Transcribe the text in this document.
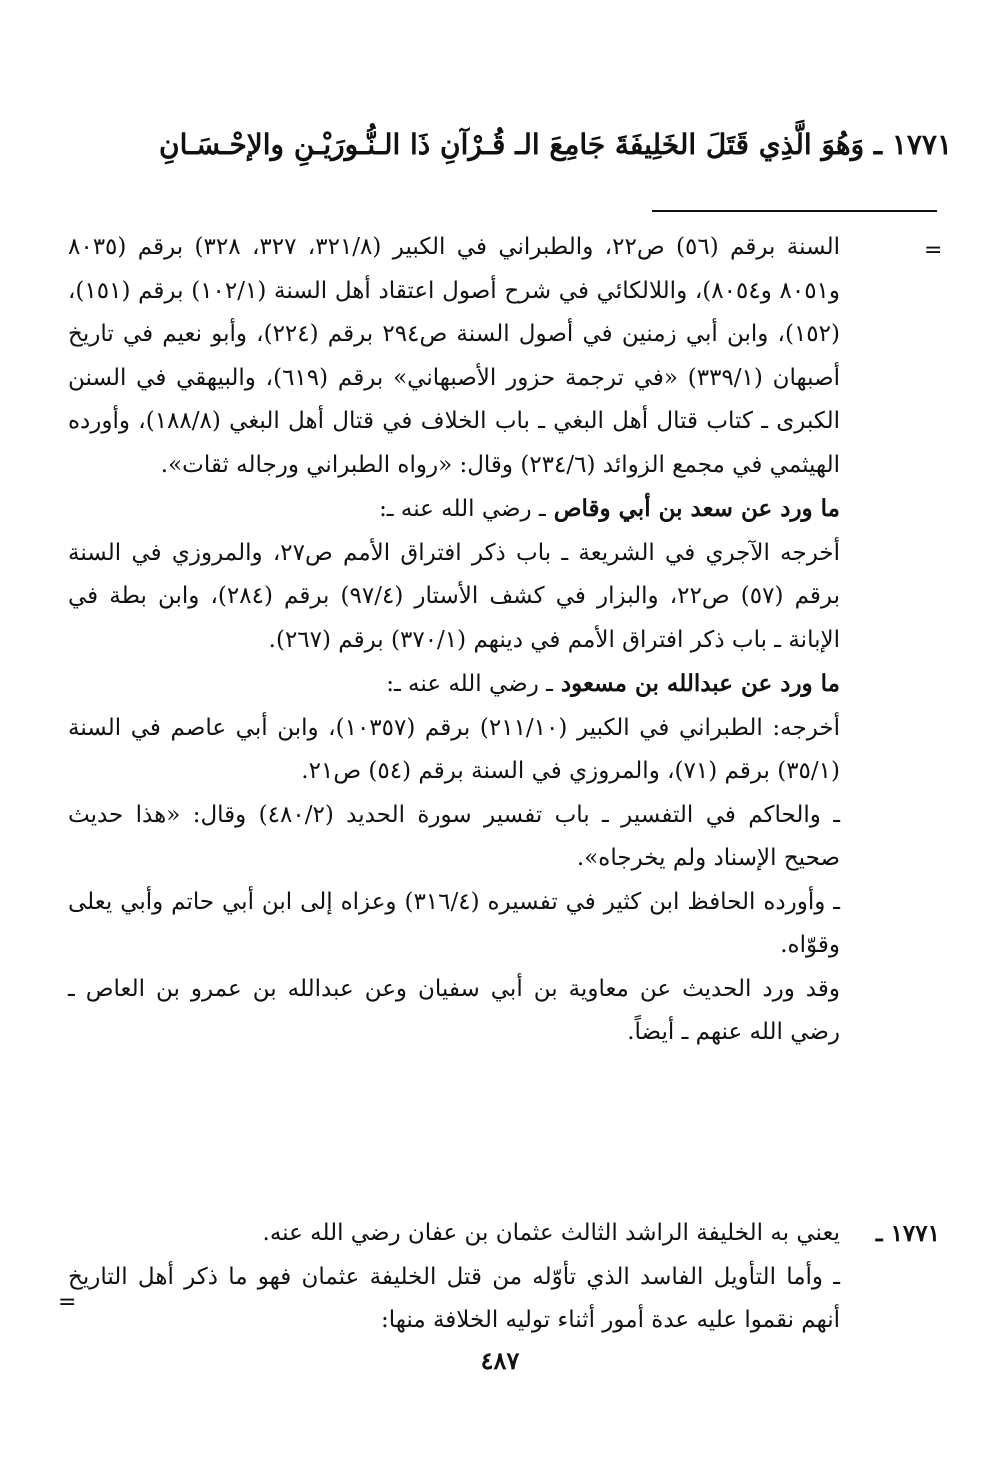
١٧٧١ ـ وَهُوَ الَّذِي قَتَلَ الخَلِيفَةَ جَامِعَ الـ قُـرْآنِ ذَا الـنُّـورَيْـنِ والإحْـسَـانِ
=

السنة برقم (٥٦) ص٢٢، والطبراني في الكبير (٣٢١/٨، ٣٢٧، ٣٢٨) برقم (٨٠٣٥ و٨٠٥١ و٨٠٥٤)، واللالكائي في شرح أصول اعتقاد أهل السنة (١٠٢/١) برقم (١٥١)، (١٥٢)، وابن أبي زمنين في أصول السنة ص٢٩٤ برقم (٢٢٤)، وأبو نعيم في تاريخ أصبهان (٣٣٩/١) «في ترجمة حزور الأصبهاني» برقم (٦١٩)، والبيهقي في السنن الكبرى ـ كتاب قتال أهل البغي ـ باب الخلاف في قتال أهل البغي (١٨٨/٨)، وأورده الهيثمي في مجمع الزوائد (٢٣٤/٦) وقال: «رواه الطبراني ورجاله ثقات».

ما ورد عن سعد بن أبي وقاص ـ رضي الله عنه ـ:

أخرجه الآجري في الشريعة ـ باب ذكر افتراق الأمم ص٢٧، والمروزي في السنة برقم (٥٧) ص٢٢، والبزار في كشف الأستار (٩٧/٤) برقم (٢٨٤)، وابن بطة في الإبانة ـ باب ذكر افتراق الأمم في دينهم (٣٧٠/١) برقم (٢٦٧).

ما ورد عن عبدالله بن مسعود ـ رضي الله عنه ـ:

أخرجه: الطبراني في الكبير (٢١١/١٠) برقم (١٠٣٥٧)، وابن أبي عاصم في السنة (٣٥/١) برقم (٧١)، والمروزي في السنة برقم (٥٤) ص٢١.

ـ والحاكم في التفسير ـ باب تفسير سورة الحديد (٤٨٠/٢) وقال: «هذا حديث صحيح الإسناد ولم يخرجاه».

ـ وأورده الحافظ ابن كثير في تفسيره (٣١٦/٤) وعزاه إلى ابن أبي حاتم وأبي يعلى وقوّاه.

وقد ورد الحديث عن معاوية بن أبي سفيان وعن عبدالله بن عمرو بن العاص ـ رضي الله عنهم ـ أيضاً.

١٧٧١ ـ

يعني به الخليفة الراشد الثالث عثمان بن عفان رضي الله عنه.

ـ وأما التأويل الفاسد الذي تأوّله من قتل الخليفة عثمان فهو ما ذكر أهل التاريخ أنهم نقموا عليه عدة أمور أثناء توليه الخلافة منها:

=
٤٨٧
